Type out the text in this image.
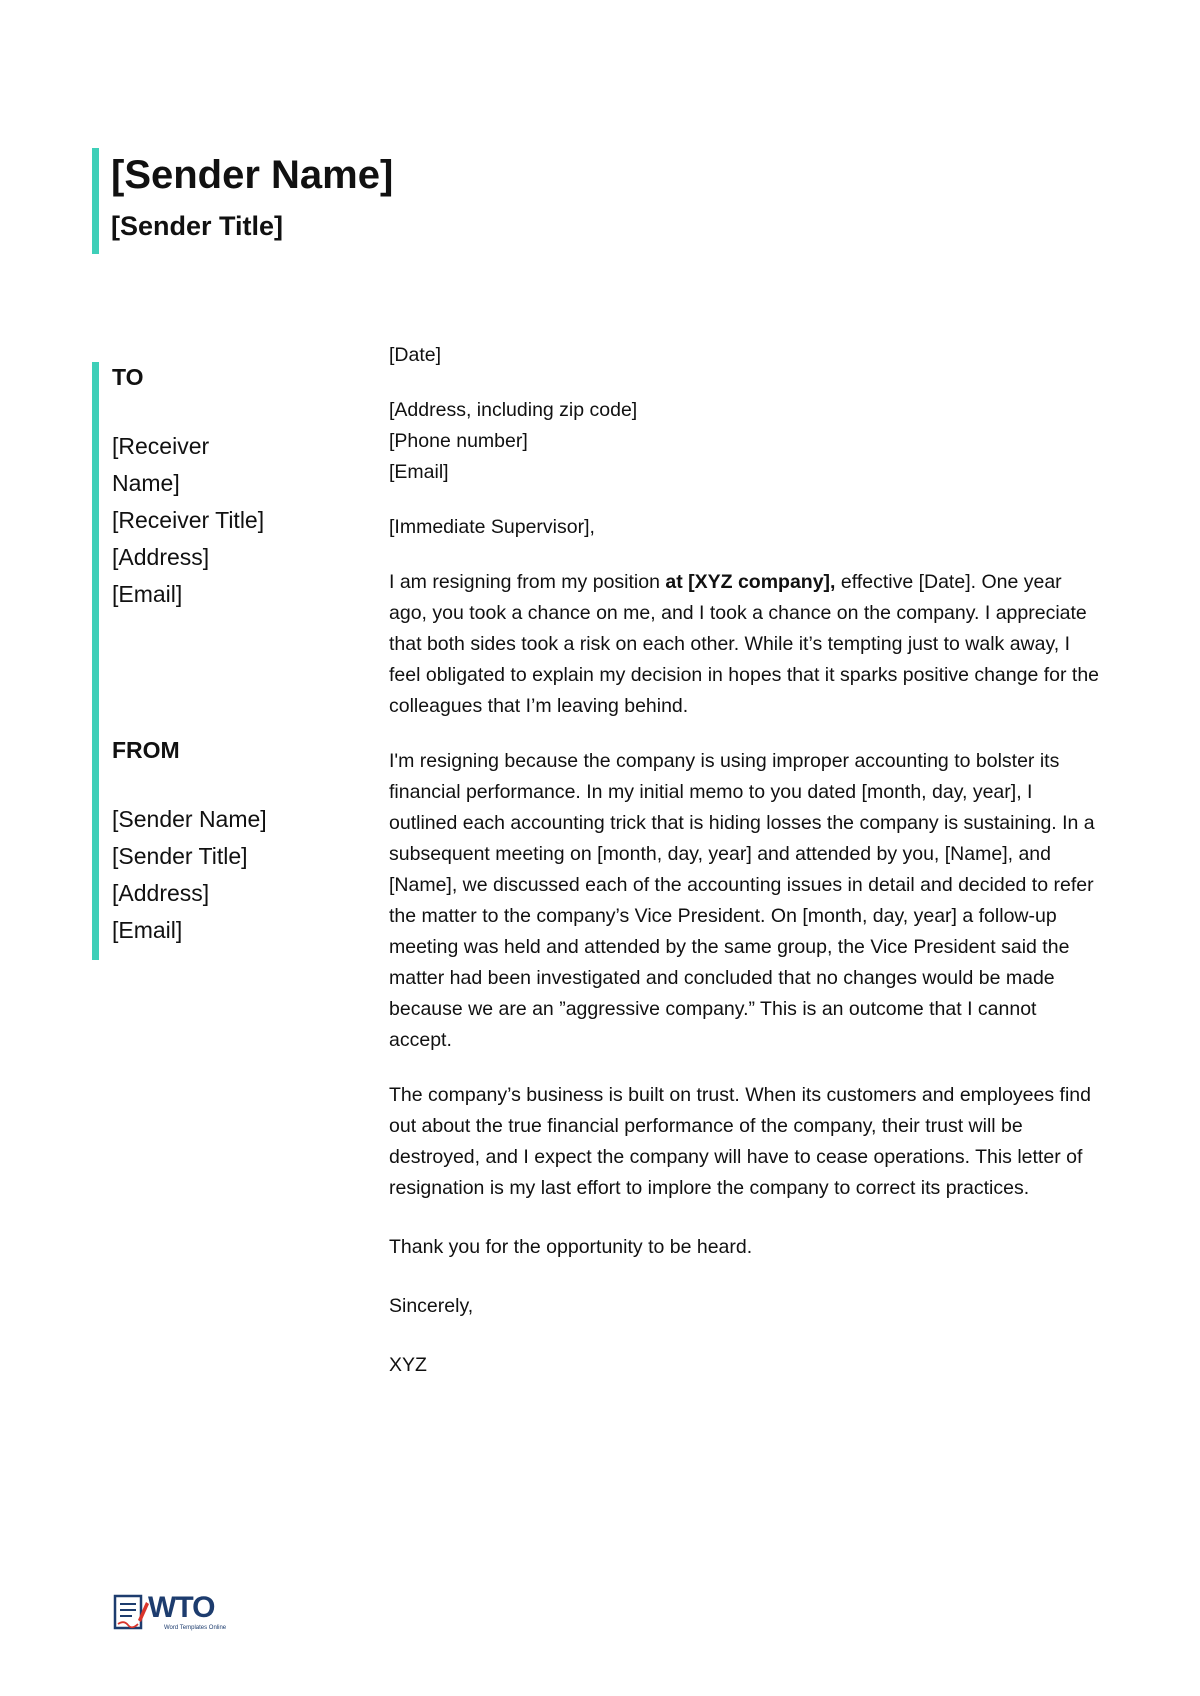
[Sender Name]
[Sender Title]
TO
[Receiver
Name]
[Receiver Title]
[Address]
[Email]
FROM
[Sender Name]
[Sender Title]
[Address]
[Email]

[Date]

[Address, including zip code]

[Phone number]

[Email]

[Immediate Supervisor],

I am resigning from my position at [XYZ company], effective [Date]. One year ago, you took a chance on me, and I took a chance on the company. I appreciate that both sides took a risk on each other. While it’s tempting just to walk away, I feel obligated to explain my decision in hopes that it sparks positive change for the colleagues that I’m leaving behind.

I'm resigning because the company is using improper accounting to bolster its financial performance. In my initial memo to you dated [month, day, year], I outlined each accounting trick that is hiding losses the company is sustaining. In a subsequent meeting on [month, day, year] and attended by you, [Name], and [Name], we discussed each of the accounting issues in detail and decided to refer the matter to the company’s Vice President. On [month, day, year] a follow-up meeting was held and attended by the same group, the Vice President said the matter had been investigated and concluded that no changes would be made because we are an ”aggressive company.” This is an outcome that I cannot accept.

The company’s business is built on trust. When its customers and employees find out about the true financial performance of the company, their trust will be destroyed, and I expect the company will have to cease operations. This letter of resignation is my last effort to implore the company to correct its practices.

Thank you for the opportunity to be heard.

Sincerely,

XYZ

WTO
Word Templates Online
